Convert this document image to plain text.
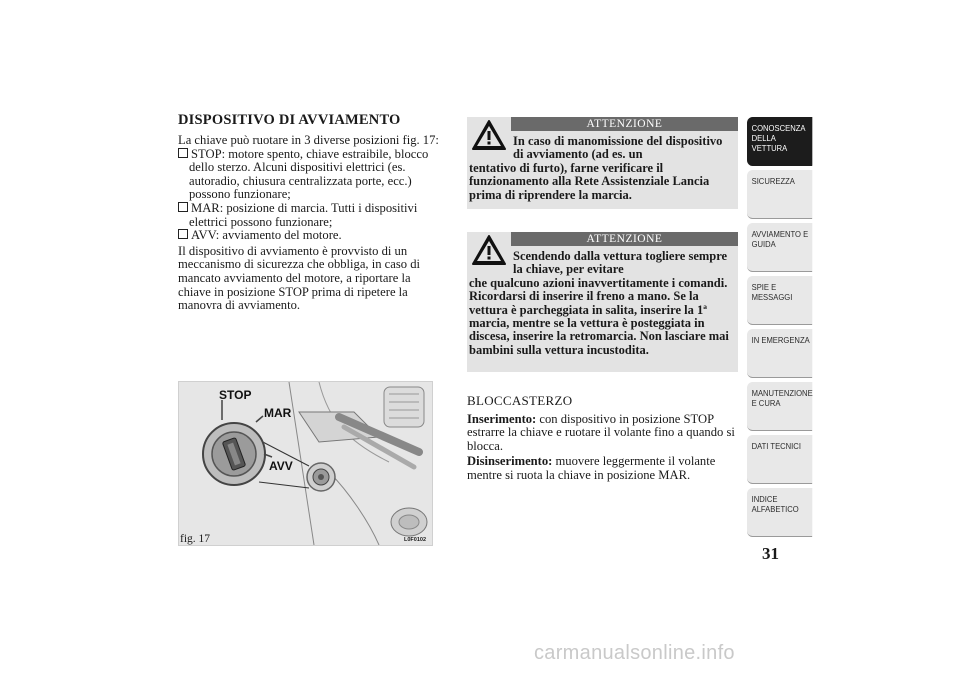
DISPOSITIVO DI AVVIAMENTO

La chiave può ruotare in 3 diverse posizioni fig. 17:

STOP: motore spento, chiave estraibile, blocco dello sterzo. Alcuni dispositivi elettrici (es. autoradio, chiusura centralizzata porte, ecc.) possono funzionare;

MAR: posizione di marcia. Tutti i dispositivi elettrici possono funzionare;

AVV: avviamento del motore.

Il dispositivo di avviamento è provvisto di un meccanismo di sicurezza che obbliga, in caso di mancato avviamento del motore, a riportare la chiave in posizione STOP prima di ripetere la manovra di avviamento.

STOP
MAR
AVV
fig. 17	L0F0102
ATTENZIONE
In caso di manomissione del dispositivo di avviamento (ad es. un
tentativo di furto), farne verificare il funzionamento alla Rete Assistenziale Lancia prima di riprendere la marcia.
ATTENZIONE
Scendendo dalla vettura togliere sempre la chiave, per evitare
che qualcuno azioni inavvertitamente i comandi. Ricordarsi di inserire il freno a mano. Se la vettura è parcheggiata in salita, inserire la 1ª marcia, mentre se la vettura è posteggiata in discesa, inserire la retromarcia. Non lasciare mai bambini sulla vettura incustodita.
BLOCCASTERZO

Inserimento: con dispositivo in posizione STOP estrarre la chiave e ruotare il volante fino a quando si blocca.

Disinserimento: muovere leggermente il volante mentre si ruota la chiave in posizione MAR.

CONOSCENZA DELLA VETTURA
SICUREZZA
AVVIAMENTO E GUIDA
SPIE E MESSAGGI
IN EMERGENZA
MANUTENZIONE E CURA
DATI TECNICI
INDICE ALFABETICO
31
carmanualsonline.info
